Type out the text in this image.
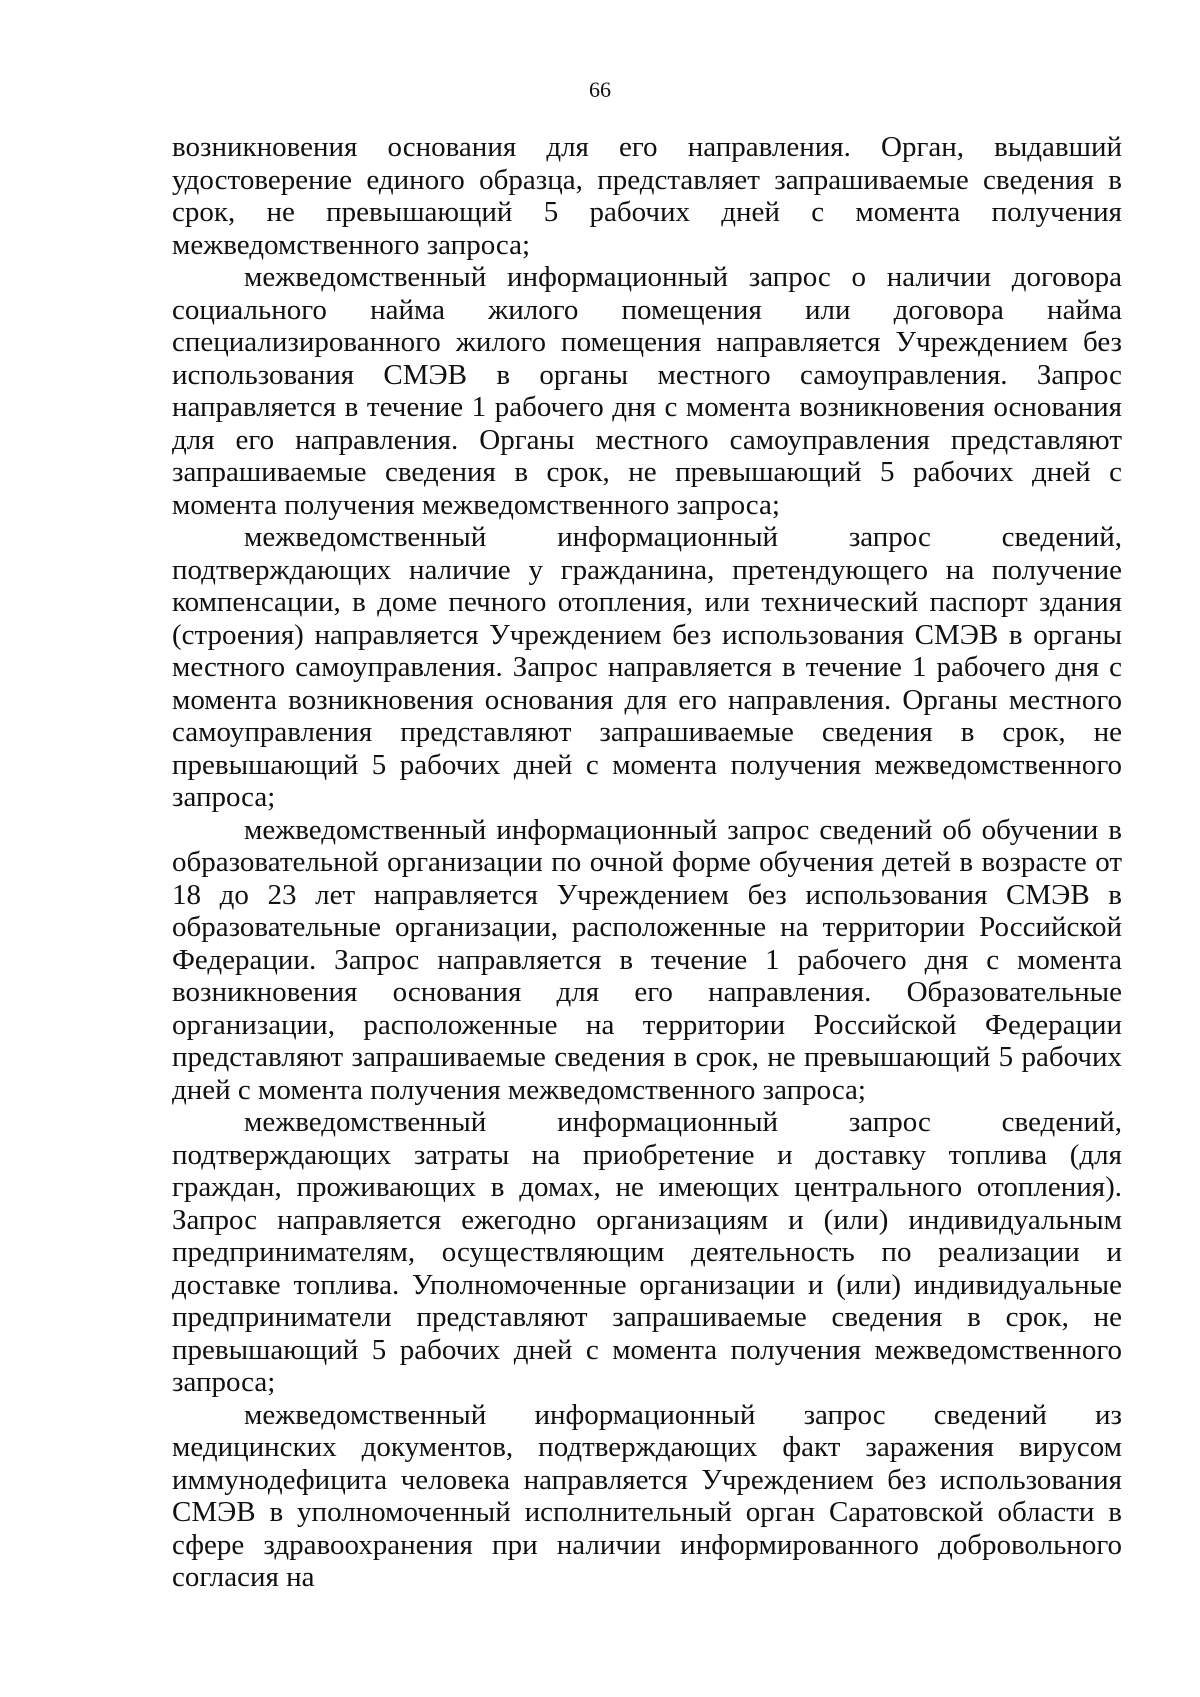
66

возникновения основания для его направления. Орган, выдавший удостоверение единого образца, представляет запрашиваемые сведения в срок, не превышающий 5 рабочих дней с момента получения межведомственного запроса;

межведомственный информационный запрос о наличии договора социального найма жилого помещения или договора найма специализированного жилого помещения направляется Учреждением без использования СМЭВ в органы местного самоуправления. Запрос направляется в течение 1 рабочего дня с момента возникновения основания для его направления. Органы местного самоуправления представляют запрашиваемые сведения в срок, не превышающий 5 рабочих дней с момента получения межведомственного запроса;

межведомственный информационный запрос сведений, подтверждающих наличие у гражданина, претендующего на получение компенсации, в доме печного отопления, или технический паспорт здания (строения) направляется Учреждением без использования СМЭВ в органы местного самоуправления. Запрос направляется в течение 1 рабочего дня с момента возникновения основания для его направления. Органы местного самоуправления представляют запрашиваемые сведения в срок, не превышающий 5 рабочих дней с момента получения межведомственного запроса;

межведомственный информационный запрос сведений об обучении в образовательной организации по очной форме обучения детей в возрасте от 18 до 23 лет направляется Учреждением без использования СМЭВ в образовательные организации, расположенные на территории Российской Федерации. Запрос направляется в течение 1 рабочего дня с момента возникновения основания для его направления. Образовательные организации, расположенные на территории Российской Федерации представляют запрашиваемые сведения в срок, не превышающий 5 рабочих дней с момента получения межведомственного запроса;

межведомственный информационный запрос сведений, подтверждающих затраты на приобретение и доставку топлива (для граждан, проживающих в домах, не имеющих центрального отопления). Запрос направляется ежегодно организациям и (или) индивидуальным предпринимателям, осуществляющим деятельность по реализации и доставке топлива. Уполномоченные организации и (или) индивидуальные предприниматели представляют запрашиваемые сведения в срок, не превышающий 5 рабочих дней с момента получения межведомственного запроса;

межведомственный информационный запрос сведений из медицинских документов, подтверждающих факт заражения вирусом иммунодефицита человека направляется Учреждением без использования СМЭВ в уполномоченный исполнительный орган Саратовской области в сфере здравоохранения при наличии информированного добровольного согласия на
